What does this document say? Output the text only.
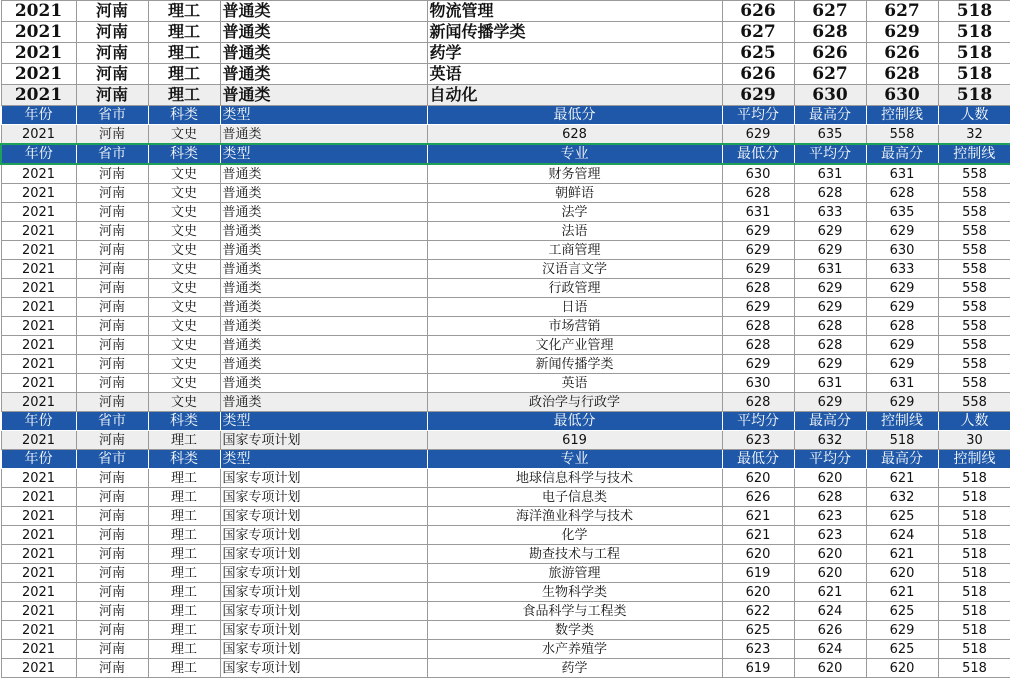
2021	河南	理工	普通类	物流管理	626	627	627	518
2021	河南	理工	普通类	新闻传播学类	627	628	629	518
2021	河南	理工	普通类	药学	625	626	626	518
2021	河南	理工	普通类	英语	626	627	628	518
2021	河南	理工	普通类	自动化	629	630	630	518
年份	省市	科类	类型	最低分	平均分	最高分	控制线	人数
2021	河南	文史	普通类	628	629	635	558	32
年份	省市	科类	类型	专业	最低分	平均分	最高分	控制线
2021	河南	文史	普通类	财务管理	630	631	631	558
2021	河南	文史	普通类	朝鲜语	628	628	628	558
2021	河南	文史	普通类	法学	631	633	635	558
2021	河南	文史	普通类	法语	629	629	629	558
2021	河南	文史	普通类	工商管理	629	629	630	558
2021	河南	文史	普通类	汉语言文学	629	631	633	558
2021	河南	文史	普通类	行政管理	628	629	629	558
2021	河南	文史	普通类	日语	629	629	629	558
2021	河南	文史	普通类	市场营销	628	628	628	558
2021	河南	文史	普通类	文化产业管理	628	628	629	558
2021	河南	文史	普通类	新闻传播学类	629	629	629	558
2021	河南	文史	普通类	英语	630	631	631	558
2021	河南	文史	普通类	政治学与行政学	628	629	629	558
年份	省市	科类	类型	最低分	平均分	最高分	控制线	人数
2021	河南	理工	国家专项计划	619	623	632	518	30
年份	省市	科类	类型	专业	最低分	平均分	最高分	控制线
2021	河南	理工	国家专项计划	地球信息科学与技术	620	620	621	518
2021	河南	理工	国家专项计划	电子信息类	626	628	632	518
2021	河南	理工	国家专项计划	海洋渔业科学与技术	621	623	625	518
2021	河南	理工	国家专项计划	化学	621	623	624	518
2021	河南	理工	国家专项计划	勘查技术与工程	620	620	621	518
2021	河南	理工	国家专项计划	旅游管理	619	620	620	518
2021	河南	理工	国家专项计划	生物科学类	620	621	621	518
2021	河南	理工	国家专项计划	食品科学与工程类	622	624	625	518
2021	河南	理工	国家专项计划	数学类	625	626	629	518
2021	河南	理工	国家专项计划	水产养殖学	623	624	625	518
2021	河南	理工	国家专项计划	药学	619	620	620	518
